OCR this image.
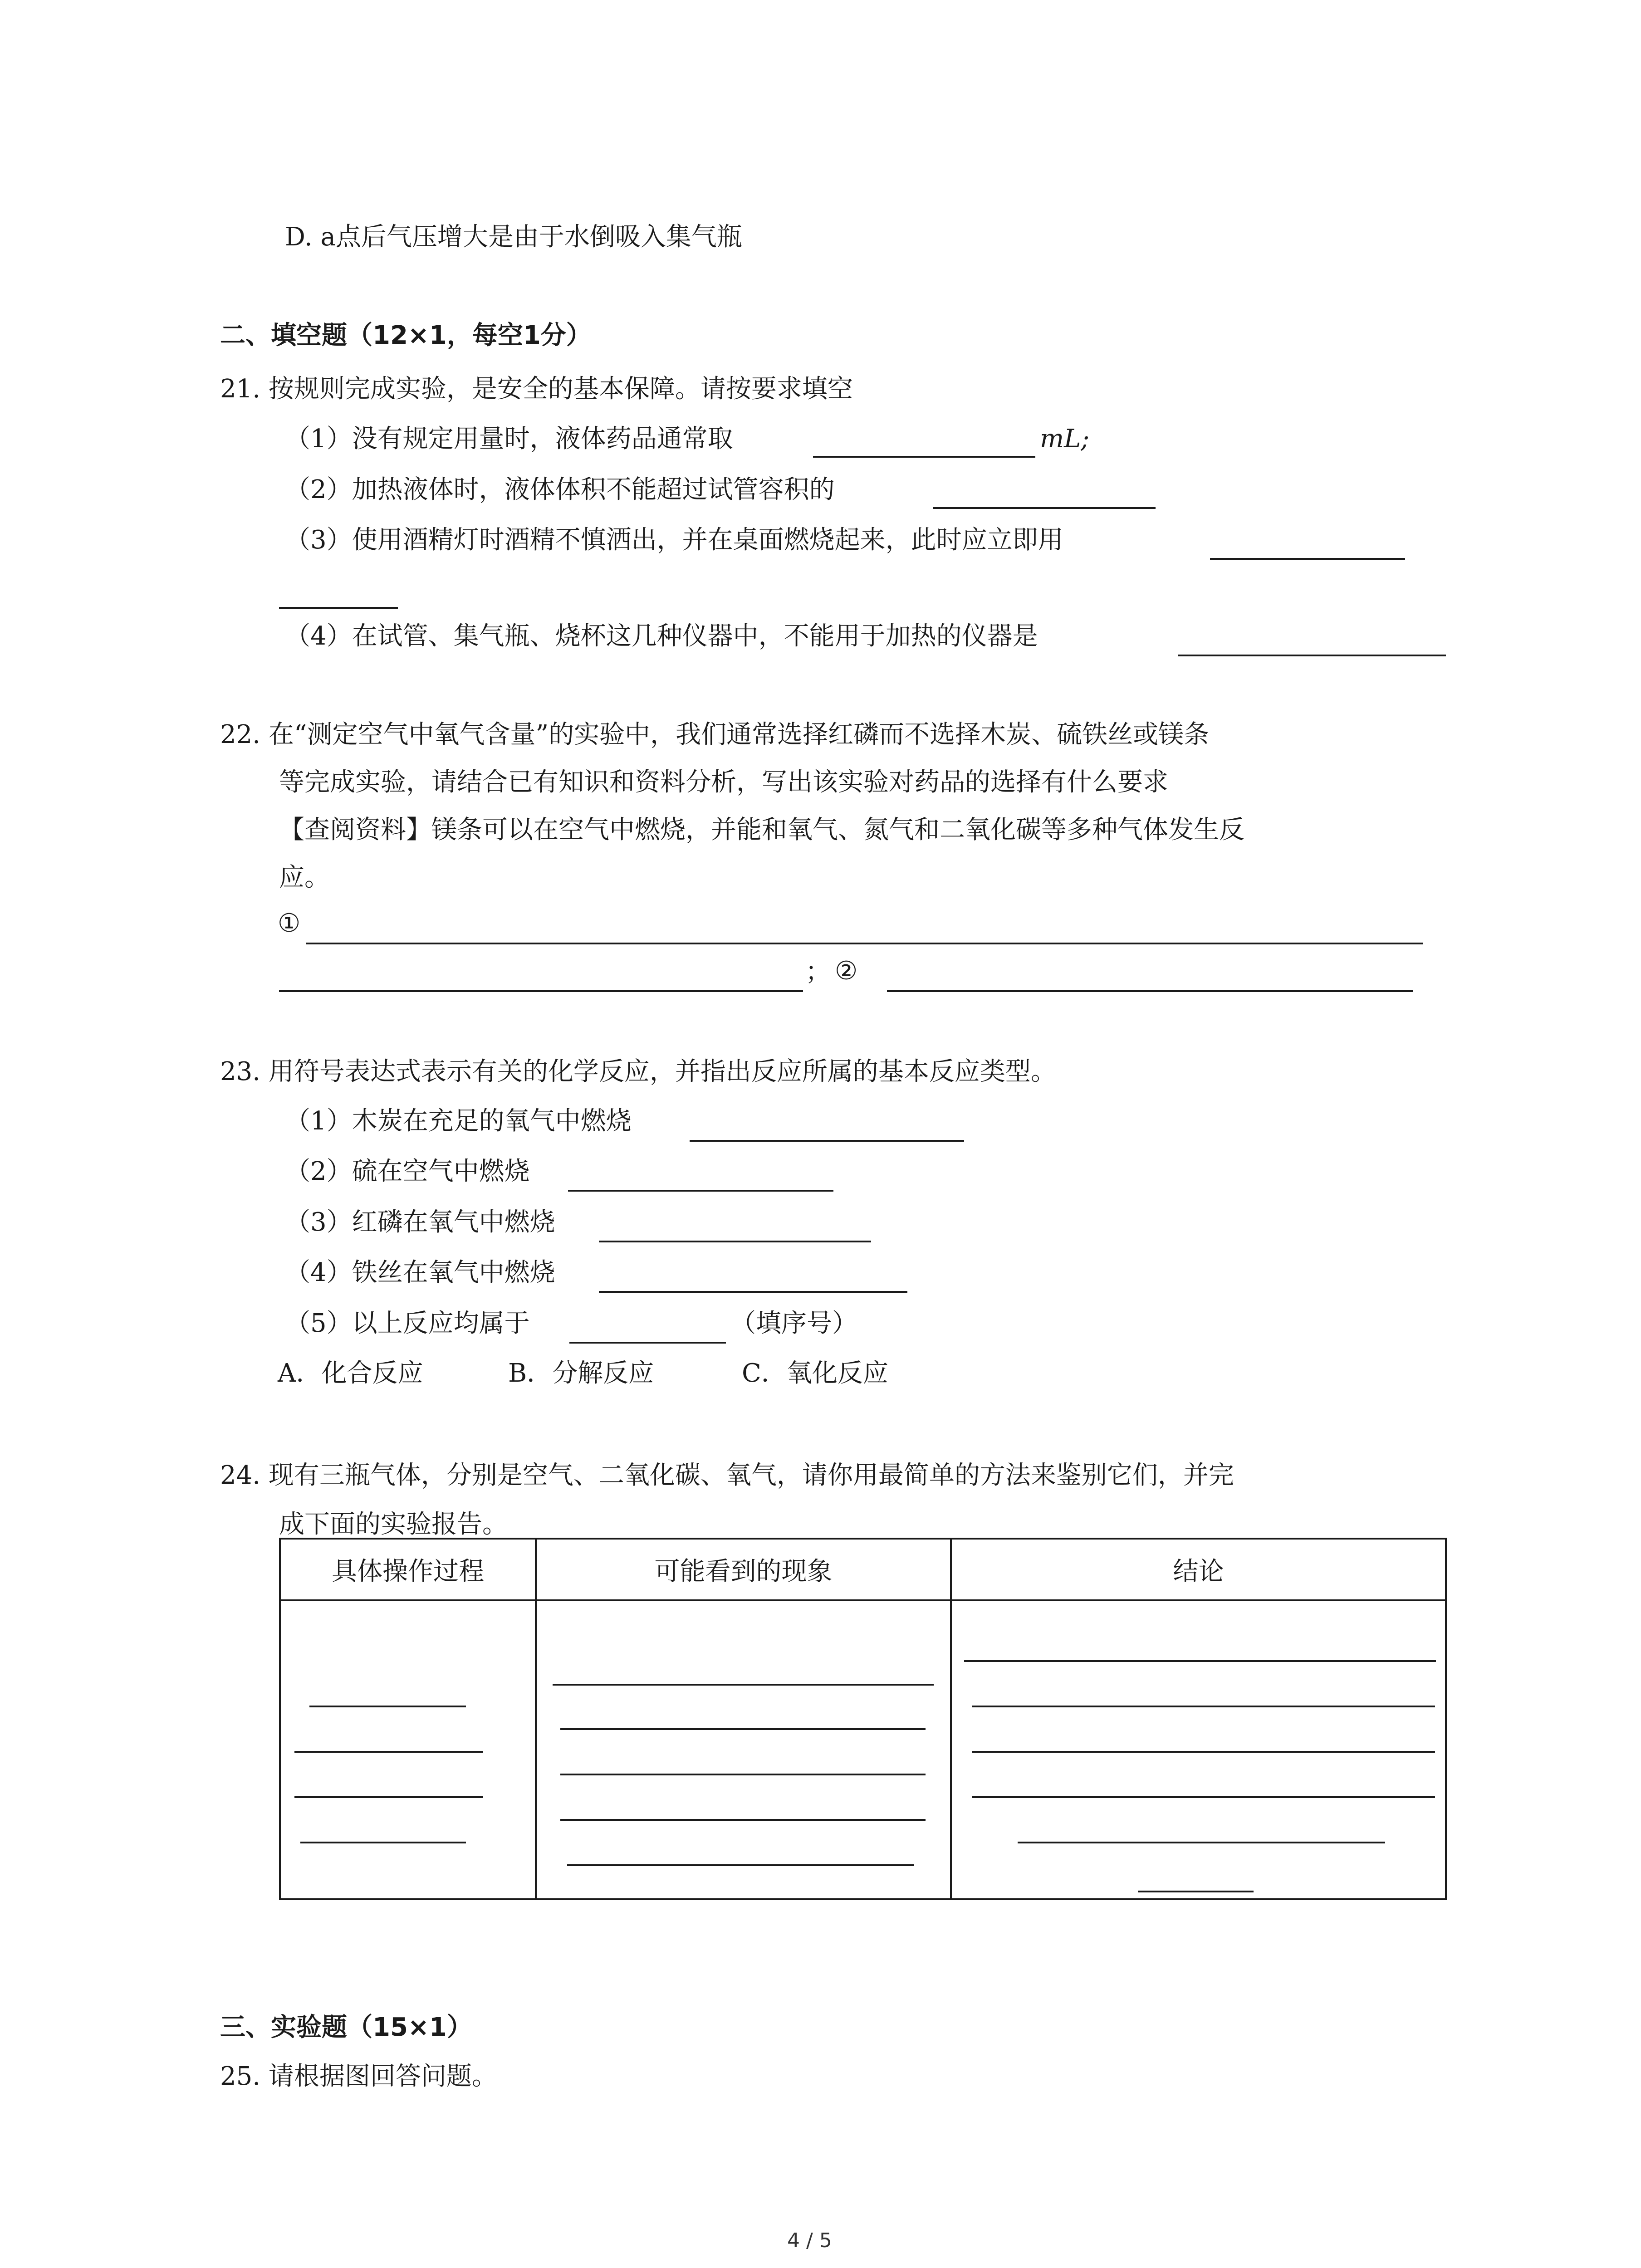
D. a点后气压增大是由于水倒吸入集气瓶
二、填空题（12×1，每空1分）
21. 按规则完成实验，是安全的基本保障。请按要求填空
（1）没有规定用量时，液体药品通常取	mL;
（2）加热液体时，液体体积不能超过试管容积的
（3）使用酒精灯时酒精不慎洒出，并在桌面燃烧起来，此时应立即用
（4）在试管、集气瓶、烧杯这几种仪器中，不能用于加热的仪器是
22. 在“测定空气中氧气含量”的实验中，我们通常选择红磷而不选择木炭、硫铁丝或镁条
等完成实验，请结合已有知识和资料分析，写出该实验对药品的选择有什么要求
【查阅资料】镁条可以在空气中燃烧，并能和氧气、氮气和二氧化碳等多种气体发生反
应。
①
； ②
23. 用符号表达式表示有关的化学反应，并指出反应所属的基本反应类型。
（1）木炭在充足的氧气中燃烧
（2）硫在空气中燃烧
（3）红磷在氧气中燃烧
（4）铁丝在氧气中燃烧
（5）以上反应均属于	（填序号）
A．化合反应	B．分解反应	C．氧化反应
24. 现有三瓶气体，分别是空气、二氧化碳、氧气，请你用最简单的方法来鉴别它们，并完
成下面的实验报告。
具体操作过程	可能看到的现象	结论

三、实验题（15×1）
25. 请根据图回答问题。
4 / 5
